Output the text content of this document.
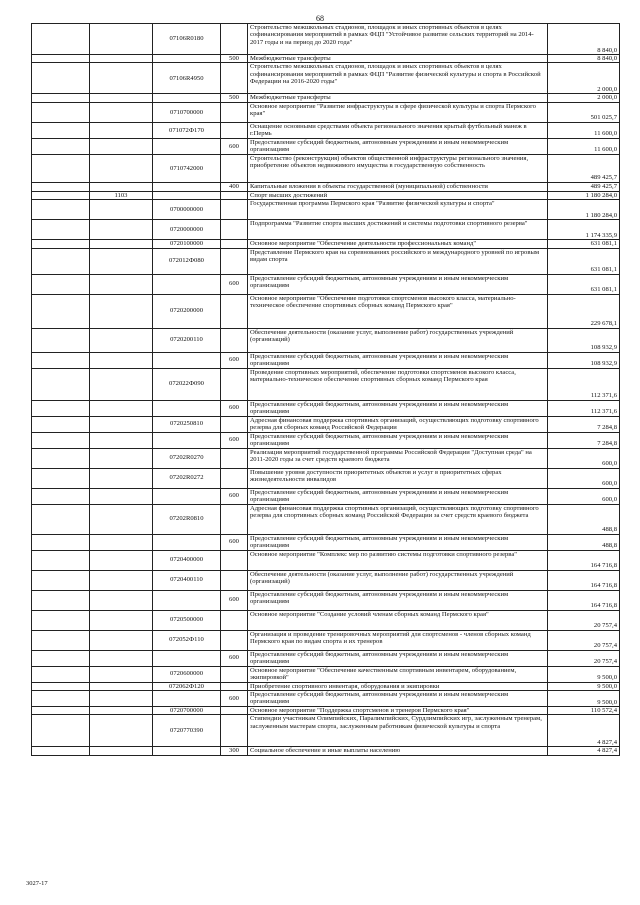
68
		07106R0180		Строительство межшкольных стадионов, площадок и иных спортивных объектов в целях софинансирования мероприятий в рамках ФЦП "Устойчивое развитие сельских территорий на 2014-2017 годы и на период до 2020 года"	8 840,0
			500	Межбюджетные трансферты	8 840,0
		07106R4950		Строительство межшкольных стадионов, площадок и иных спортивных объектов в целях софинансирования мероприятий в рамках ФЦП "Развитие физической культуры и спорта в Российской Федерации на 2016-2020 годы"	2 000,0
			500	Межбюджетные трансферты	2 000,0
		0710700000		Основное мероприятие "Развитие инфраструктуры в сфере физической культуры и спорта Пермского края"	501 025,7
		071072Ф170		Оснащение основными средствами объекта регионального значения крытый футбольный манеж в г.Пермь	11 600,0
			600	Предоставление субсидий бюджетным, автономным учреждениям и иным некоммерческим организациям	11 600,0
		0710742000		Строительство (реконструкция) объектов общественной инфраструктуры регионального значения, приобретение объектов недвижимого имущества в государственную собственность	489 425,7
			400	Капитальные вложения в объекты государственной (муниципальной) собственности	489 425,7
	1103			Спорт высших достижений	1 180 284,0
		0700000000		Государственная программа Пермского края "Развитие физической культуры и спорта"	1 180 284,0
		0720000000		Подпрограмма "Развитие спорта высших достижений и системы подготовки спортивного резерва"	1 174 335,9
		0720100000		Основное мероприятие "Обеспечение деятельности профессиональных команд"	631 081,1
		072012Ф080		Представление Пермского края на соревнованиях российского и международного уровней по игровым видам спорта	631 081,1
			600	Предоставление субсидий бюджетным, автономным учреждениям и иным некоммерческим организациям	631 081,1
		0720200000		Основное мероприятие "Обеспечение подготовки спортсменов высокого класса, материально-техническое обеспечение спортивных сборных команд Пермского края"	229 678,1
		0720200110		Обеспечение деятельности (оказание услуг, выполнение работ) государственных учреждений (организаций)	108 932,9
			600	Предоставление субсидий бюджетным, автономным учреждениям и иным некоммерческим организациям	108 932,9
		072022Ф090		Проведение спортивных мероприятий, обеспечение подготовки спортсменов высокого класса, материально-техническое обеспечение спортивных сборных команд Пермского края	112 371,6
			600	Предоставление субсидий бюджетным, автономным учреждениям и иным некоммерческим организациям	112 371,6
		0720250810		Адресная финансовая поддержка спортивных организаций, осуществляющих подготовку спортивного резерва для сборных команд Российской Федерации	7 284,8
			600	Предоставление субсидий бюджетным, автономным учреждениям и иным некоммерческим организациям	7 284,8
		07202R0270		Реализация мероприятий государственной программы Российской Федерации "Доступная среда" на 2011-2020 годы за счет средств краевого бюджета	600,0
		07202R0272		Повышение уровня доступности приоритетных объектов и услуг в приоритетных сферах жизнедеятельности инвалидов	600,0
			600	Предоставление субсидий бюджетным, автономным учреждениям и иным некоммерческим организациям	600,0
		07202R0810		Адресная финансовая поддержка спортивных организаций, осуществляющих подготовку спортивного резерва для спортивных сборных команд Российской Федерации за счет средств краевого бюджета	488,8
			600	Предоставление субсидий бюджетным, автономным учреждениям и иным некоммерческим организациям	488,8
		0720400000		Основное мероприятие "Комплекс мер по развитию системы подготовки спортивного резерва"	164 716,8
		0720400110		Обеспечение деятельности (оказание услуг, выполнение работ) государственных учреждений (организаций)	164 716,8
			600	Предоставление субсидий бюджетным, автономным учреждениям и иным некоммерческим организациям	164 716,8
		0720500000		Основное мероприятие "Создание условий членам сборных команд Пермского края"	20 757,4
		072052Ф110		Организация и проведение тренировочных мероприятий для спортсменов - членов сборных команд Пермского края по видам спорта и их тренеров	20 757,4
			600	Предоставление субсидий бюджетным, автономным учреждениям и иным некоммерческим организациям	20 757,4
		0720600000		Основное мероприятие "Обеспечение качественным спортивным инвентарем, оборудованием, экипировкой"	9 500,0
		072062Ф120		Приобретение спортивного инвентаря, оборудования и экипировки	9 500,0
			600	Предоставление субсидий бюджетным, автономным учреждениям и иным некоммерческим организациям	9 500,0
		0720700000		Основное мероприятие "Поддержка спортсменов и тренеров Пермского края"	110 572,4
		0720770390		Стипендии участникам Олимпийских, Паралимпийских, Сурдлимпийских игр, заслуженным тренерам, заслуженным мастерам спорта, заслуженным работникам физической культуры и спорта	4 827,4
			300	Социальное обеспечение и иные выплаты населению	4 827,4
3027-17
